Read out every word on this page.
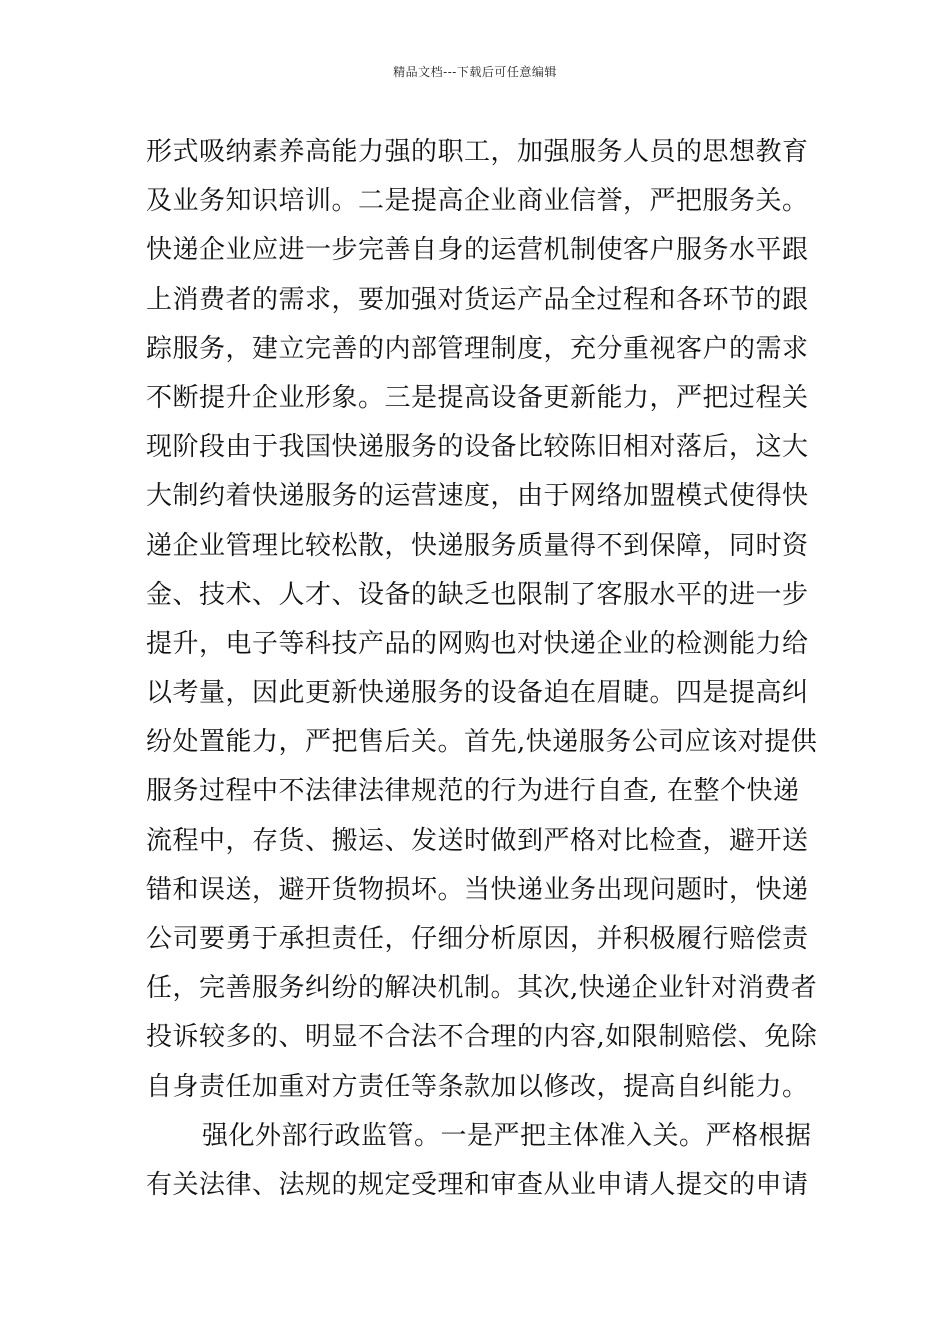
精品文档---下载后可任意编辑
形式吸纳素养高能力强的职工，加强服务人员的思想教育
及业务知识培训。二是提高企业商业信誉，严把服务关。
快递企业应进一步完善自身的运营机制使客户服务水平跟
上消费者的需求，要加强对货运产品全过程和各环节的跟
踪服务，建立完善的内部管理制度，充分重视客户的需求
不断提升企业形象。三是提高设备更新能力，严把过程关
现阶段由于我国快递服务的设备比较陈旧相对落后，这大
大制约着快递服务的运营速度，由于网络加盟模式使得快
递企业管理比较松散，快递服务质量得不到保障，同时资
金、技术、人才、设备的缺乏也限制了客服水平的进一步
提升，电子等科技产品的网购也对快递企业的检测能力给
以考量，因此更新快递服务的设备迫在眉睫。四是提高纠
纷处置能力，严把售后关。首先,快递服务公司应该对提供
服务过程中不法律法律规范的行为进行自查, 在整个快递
流程中，存货、搬运、发送时做到严格对比检查，避开送
错和误送，避开货物损坏。当快递业务出现问题时，快递
公司要勇于承担责任，仔细分析原因，并积极履行赔偿责
任，完善服务纠纷的解决机制。其次,快递企业针对消费者
投诉较多的、明显不合法不合理的内容,如限制赔偿、免除
自身责任加重对方责任等条款加以修改，提高自纠能力。
强化外部行政监管。一是严把主体准入关。严格根据
有关法律、法规的规定受理和审查从业申请人提交的申请
